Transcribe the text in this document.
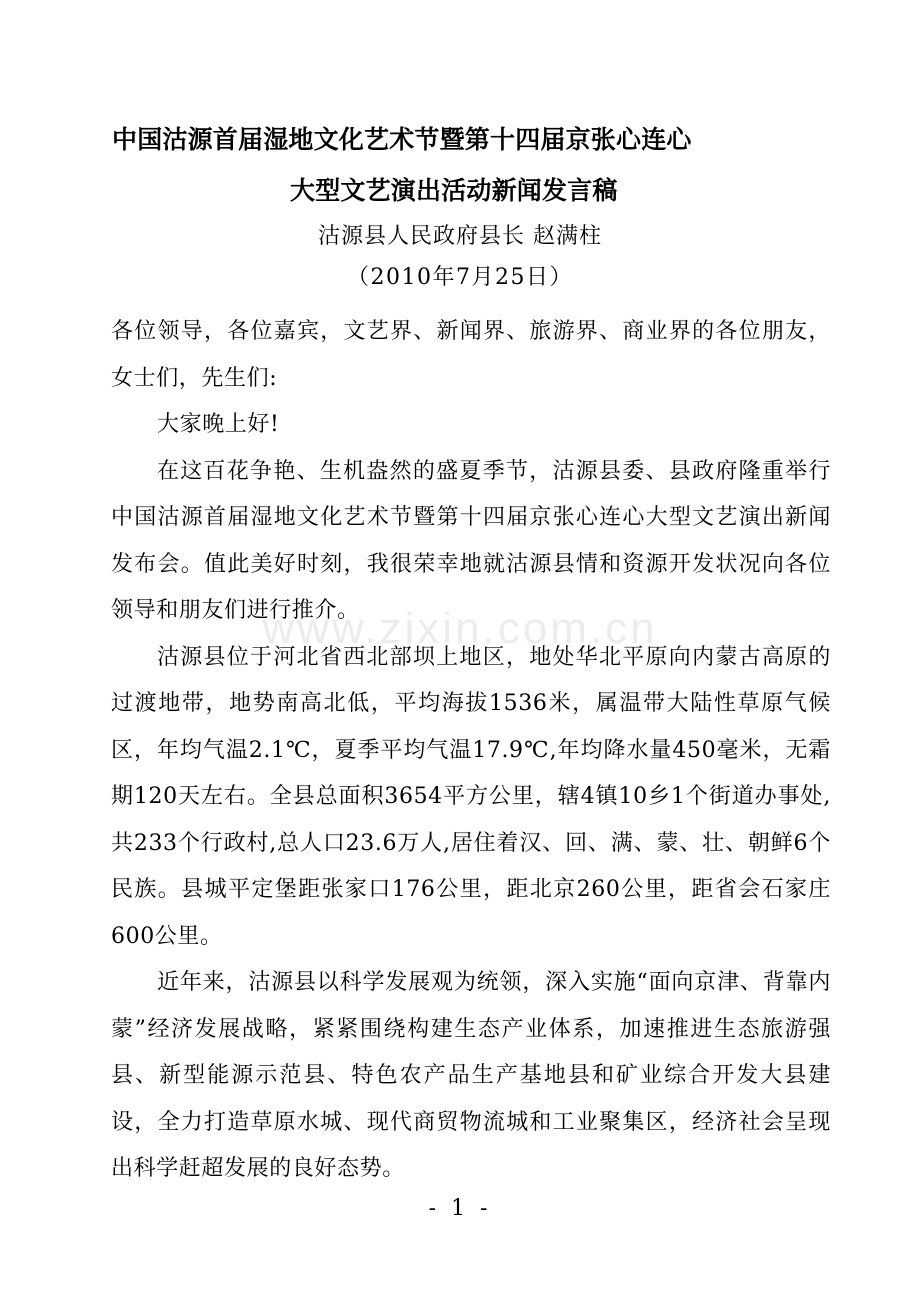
中国沽源首届湿地文化艺术节暨第十四届京张心连心
大型文艺演出活动新闻发言稿

沽源县人民政府县长 赵满柱

（2010年7月25日）

各位领导，各位嘉宾，文艺界、新闻界、旅游界、商业界的各位朋友，女士们，先生们:

大家晚上好!

在这百花争艳、生机盎然的盛夏季节，沽源县委、县政府隆重举行中国沽源首届湿地文化艺术节暨第十四届京张心连心大型文艺演出新闻发布会。值此美好时刻，我很荣幸地就沽源县情和资源开发状况向各位领导和朋友们进行推介。

沽源县位于河北省西北部坝上地区，地处华北平原向内蒙古高原的过渡地带，地势南高北低，平均海拔1536米，属温带大陆性草原气候区，年均气温2.1℃，夏季平均气温17.9℃,年均降水量450毫米，无霜期120天左右。全县总面积3654平方公里，辖4镇10乡1个街道办事处,共233个行政村,总人口23.6万人,居住着汉、回、满、蒙、壮、朝鲜6个民族。县城平定堡距张家口176公里，距北京260公里，距省会石家庄600公里。

近年来，沽源县以科学发展观为统领，深入实施“面向京津、背靠内蒙”经济发展战略，紧紧围绕构建生态产业体系，加速推进生态旅游强县、新型能源示范县、特色农产品生产基地县和矿业综合开发大县建设，全力打造草原水城、现代商贸物流城和工业聚集区，经济社会呈现出科学赶超发展的良好态势。

www.zixin.com.cn

- 1 -
